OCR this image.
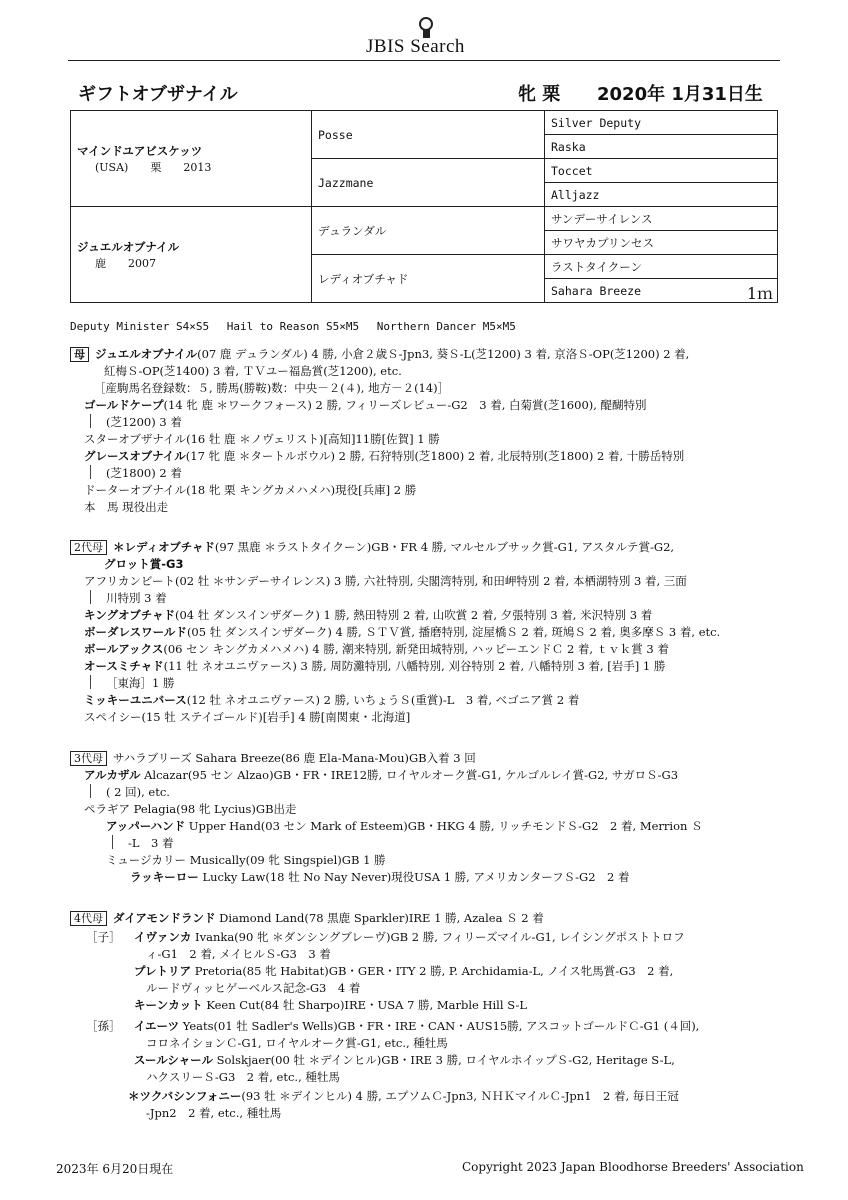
JBIS Search
ギフトオブザナイル	牝 栗 2020年 1月31日生
マインドユアビスケッツ
(USA)　　栗　　2013	Posse	Silver Deputy
		Raska
	Jazzmane	Toccet
		Alljazz

ジュエルオブナイル
鹿　　2007	デュランダル	サンデーサイレンス
		サワヤカプリンセス
	レディオブチャド	ラストタイクーン
		Sahara Breeze 1ｍ
Deputy Minister S4×S5　 Hail to Reason S5×M5　 Northern Dancer M5×M5
母 ジュエルオブナイル(07 鹿 デュランダル) 4 勝, 小倉２歳Ｓ-Jpn3, 葵Ｓ-L(芝1200) 3 着, 京洛Ｓ-OP(芝1200) 2 着,
紅梅Ｓ-OP(芝1400) 3 着, ＴＶユー福島賞(芝1200), etc.
［産駒馬名登録数：５, 勝馬(勝鞍)数：中央－２(４), 地方－２(14)］
ゴールドケープ(14 牝 鹿 ＊ワークフォース) 2 勝, フィリーズレビュー-G2　3 着, 白菊賞(芝1600), 醍醐特別
(芝1200) 3 着
スターオブザナイル(16 牡 鹿 ＊ノヴェリスト)[高知]11勝[佐賀] 1 勝
グレースオブナイル(17 牝 鹿 ＊タートルボウル) 2 勝, 石狩特別(芝1800) 2 着, 北辰特別(芝1800) 2 着, 十勝岳特別
(芝1800) 2 着
ドーターオブナイル(18 牝 栗 キングカメハメハ)現役[兵庫] 2 勝
本　馬 現役出走
2代母 ＊レディオブチャド(97 黒鹿 ＊ラストタイクーン)GB・FR 4 勝, マルセルブサック賞-G1, アスタルテ賞-G2,
グロット賞-G3
アフリカンビート(02 牡 ＊サンデーサイレンス) 3 勝, 六社特別, 尖閣湾特別, 和田岬特別 2 着, 本栖湖特別 3 着, 三面
川特別 3 着
キングオブチャド(04 牡 ダンスインザダーク) 1 勝, 熱田特別 2 着, 山吹賞 2 着, 夕張特別 3 着, 米沢特別 3 着
ボーダレスワールド(05 牡 ダンスインザダーク) 4 勝, ＳＴＶ賞, 播磨特別, 淀屋橋Ｓ 2 着, 斑鳩Ｓ 2 着, 奥多摩Ｓ 3 着, etc.
ボールアックス(06 セン キングカメハメハ) 4 勝, 潮来特別, 新発田城特別, ハッピーエンドＣ 2 着, ｔｖｋ賞 3 着
オースミチャド(11 牡 ネオユニヴァース) 3 勝, 周防灘特別, 八幡特別, 刈谷特別 2 着, 八幡特別 3 着, [岩手] 1 勝
［東海］1 勝
ミッキーユニバース(12 牡 ネオユニヴァース) 2 勝, いちょうＳ(重賞)-L　3 着, ベゴニア賞 2 着
スペイシー(15 牡 ステイゴールド)[岩手] 4 勝[南関東・北海道]
3代母 サハラブリーズ Sahara Breeze(86 鹿 Ela-Mana-Mou)GB入着 3 回
アルカザル Alcazar(95 セン Alzao)GB・FR・IRE12勝, ロイヤルオーク賞-G1, ケルゴルレイ賞-G2, サガロＳ-G3
( 2 回), etc.
ペラギア Pelagia(98 牝 Lycius)GB出走
アッパーハンド Upper Hand(03 セン Mark of Esteem)GB・HKG 4 勝, リッチモンドＳ-G2　2 着, Merrion Ｓ
-L　3 着
ミュージカリー Musically(09 牝 Singspiel)GB 1 勝
ラッキーロー Lucky Law(18 牡 No Nay Never)現役USA 1 勝, アメリカンターフＳ-G2　2 着
4代母 ダイアモンドランド Diamond Land(78 黒鹿 Sparkler)IRE 1 勝, Azalea Ｓ 2 着
［子］ イヴァンカ Ivanka(90 牝 ＊ダンシングブレーヴ)GB 2 勝, フィリーズマイル-G1, レイシングポストトロフ
ィ-G1　2 着, メイヒルＳ-G3　3 着
プレトリア Pretoria(85 牝 Habitat)GB・GER・ITY 2 勝, P. Archidamia-L, ノイス牝馬賞-G3　2 着,
ルードヴィッヒゲーベルス記念-G3　4 着
キーンカット Keen Cut(84 牡 Sharpo)IRE・USA 7 勝, Marble Hill S-L
［孫］ イエーツ Yeats(01 牡 Sadler's Wells)GB・FR・IRE・CAN・AUS15勝, アスコットゴールドＣ-G1 (４回),
コロネイションＣ-G1, ロイヤルオーク賞-G1, etc., 種牡馬
スールシャール Solskjaer(00 牡 ＊デインヒル)GB・IRE 3 勝, ロイヤルホイップＳ-G2, Heritage S-L,
ハクスリーＳ-G3　2 着, etc., 種牡馬
＊ツクバシンフォニー(93 牡 ＊デインヒル) 4 勝, エプソムＣ-Jpn3, ＮＨＫマイルＣ-Jpn1　2 着, 毎日王冠
-Jpn2　2 着, etc., 種牡馬
2023年 6月20日現在	Copyright 2023 Japan Bloodhorse Breeders' Association
